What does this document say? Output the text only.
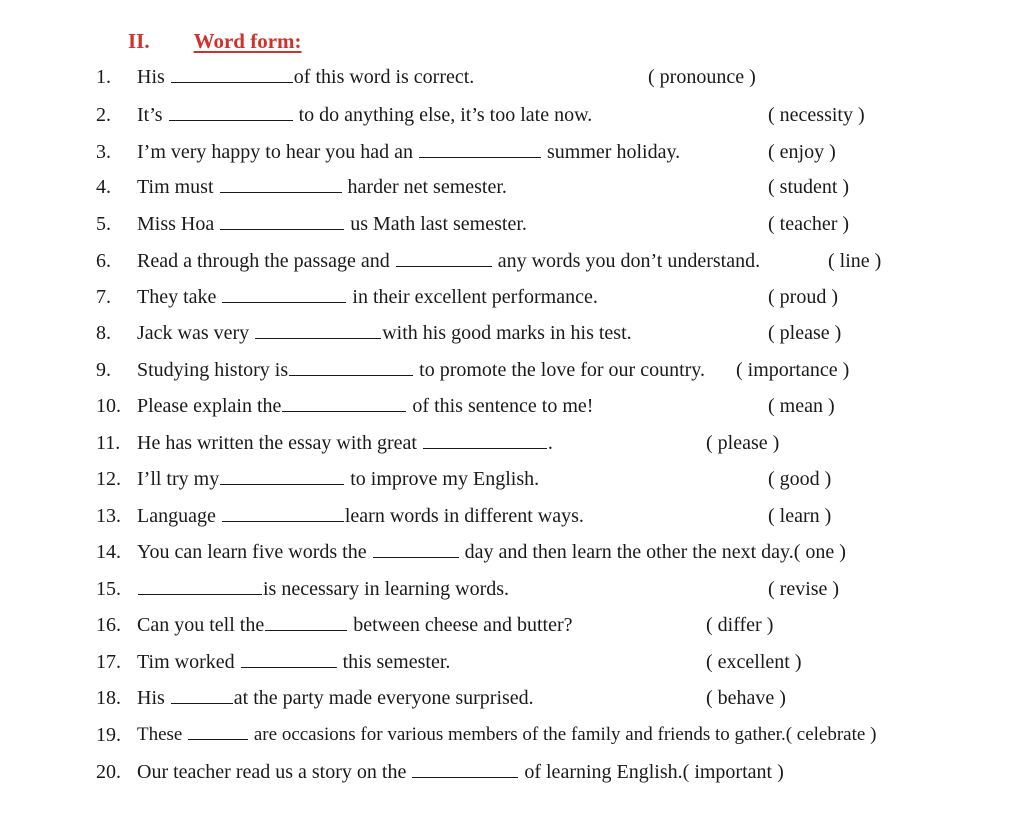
II. Word form:
1.	His	of this word is correct.	( pronounce )
2.	It’s	to do anything else, it’s too late now.	( necessity )
3.	I’m very happy to hear you had an	summer holiday.	( enjoy )
4.	Tim must	harder net semester.	( student )
5.	Miss Hoa	us Math last semester.	( teacher )
6.	Read a through the passage and	any words you don’t understand.	( line )
7.	They take	in their excellent performance.	( proud )
8.	Jack was very	with his good marks in his test.	( please )
9.	Studying history is	to promote the love for our country. ( importance )
10. Please explain the	of this sentence to me!	( mean )
11. He has written the essay with great	.	( please )
12. I’ll try my	to improve my English.	( good )
13. Language	learn words in different ways.	( learn )
14. You can learn five words the	day and then learn the other the next day.( one )
15.	is necessary in learning words.	( revise )
16. Can you tell the	between cheese and butter?	( differ )
17. Tim worked	this semester.	( excellent )
18. His	at the party made everyone surprised.	( behave )
19. These	are occasions for various members of the family and friends to gather.( celebrate )
20. Our teacher read us a story on the	of learning English.( important )
